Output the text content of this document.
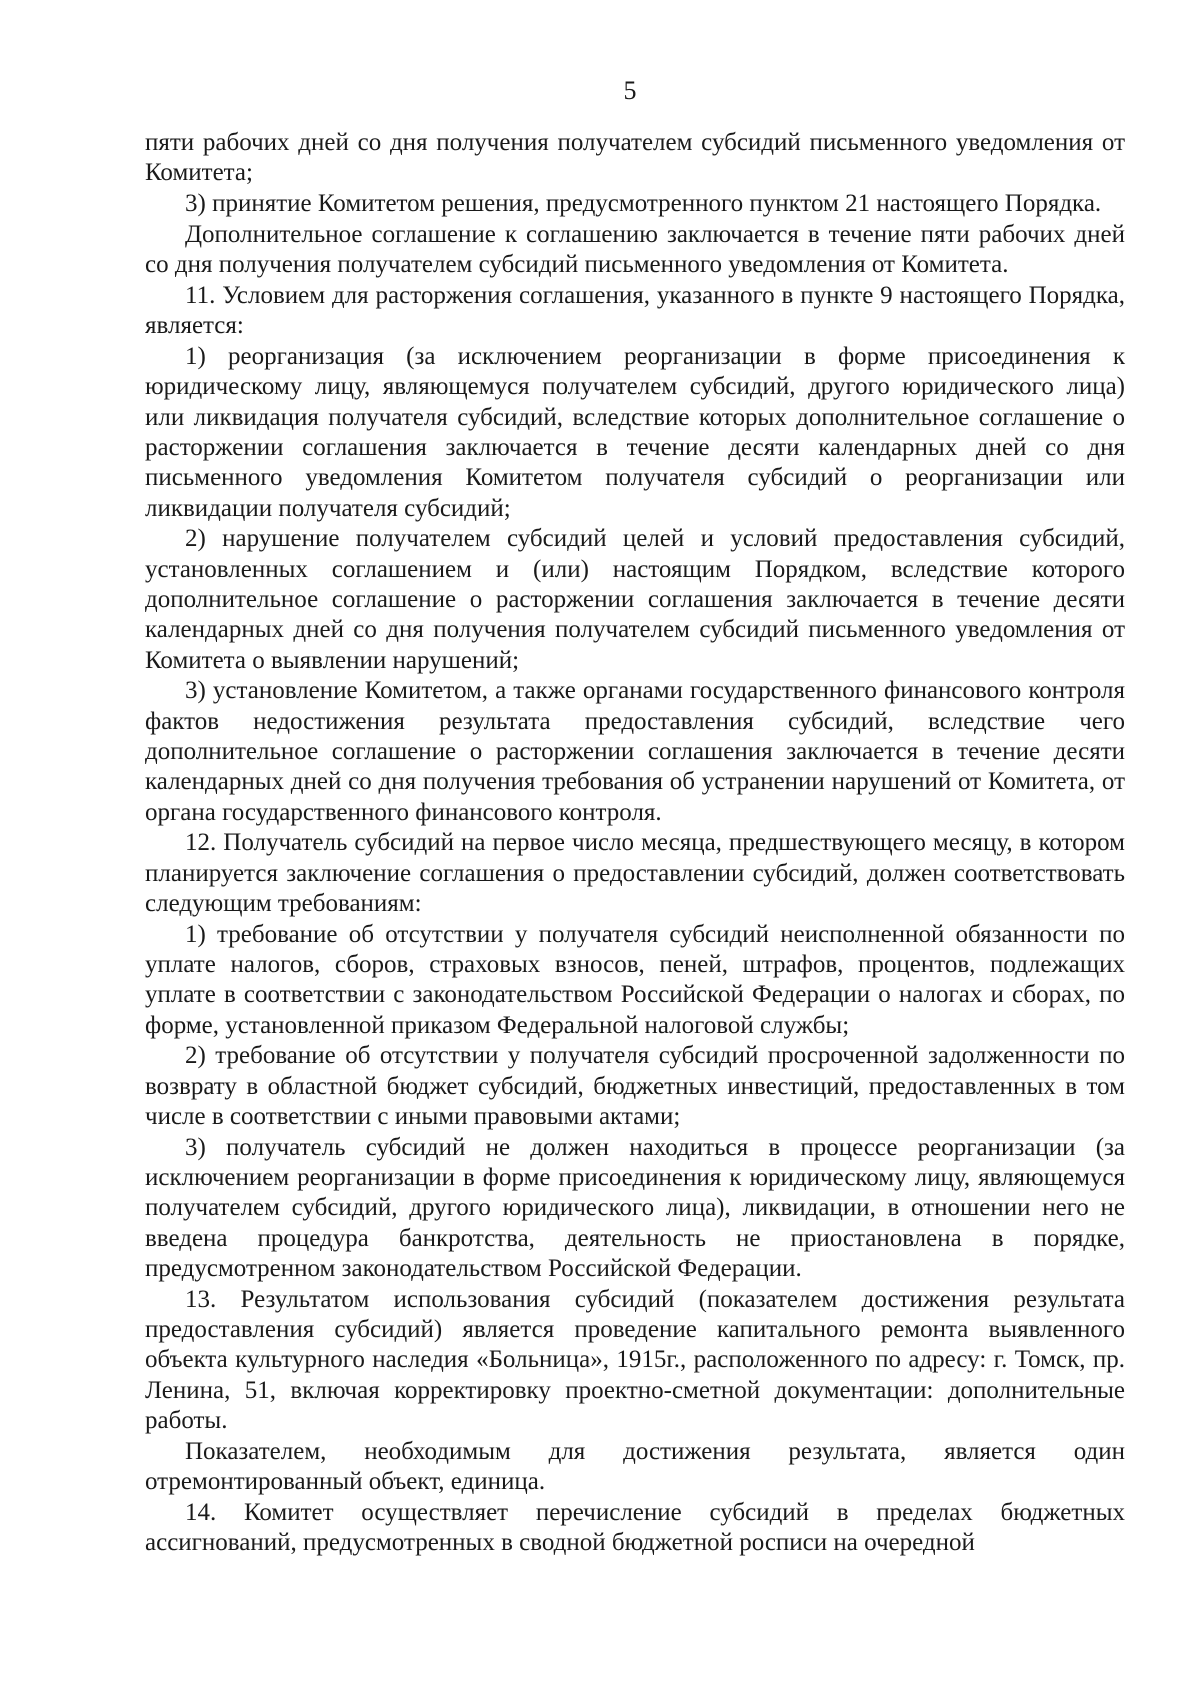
5

пяти рабочих дней со дня получения получателем субсидий письменного уведомления от Комитета;

3) принятие Комитетом решения, предусмотренного пунктом 21 настоящего Порядка.

Дополнительное соглашение к соглашению заключается в течение пяти рабочих дней со дня получения получателем субсидий письменного уведомления от Комитета.

11. Условием для расторжения соглашения, указанного в пункте 9 настоящего Порядка, является:

1) реорганизация (за исключением реорганизации в форме присоединения к юридическому лицу, являющемуся получателем субсидий, другого юридического лица) или ликвидация получателя субсидий, вследствие которых дополнительное соглашение о расторжении соглашения заключается в течение десяти календарных дней со дня письменного уведомления Комитетом получателя субсидий о реорганизации или ликвидации получателя субсидий;

2) нарушение получателем субсидий целей и условий предоставления субсидий, установленных соглашением и (или) настоящим Порядком, вследствие которого дополнительное соглашение о расторжении соглашения заключается в течение десяти календарных дней со дня получения получателем субсидий письменного уведомления от Комитета о выявлении нарушений;

3) установление Комитетом, а также органами государственного финансового контроля фактов недостижения результата предоставления субсидий, вследствие чего дополнительное соглашение о расторжении соглашения заключается в течение десяти календарных дней со дня получения требования об устранении нарушений от Комитета, от органа государственного финансового контроля.

12. Получатель субсидий на первое число месяца, предшествующего месяцу, в котором планируется заключение соглашения о предоставлении субсидий, должен соответствовать следующим требованиям:

1) требование об отсутствии у получателя субсидий неисполненной обязанности по уплате налогов, сборов, страховых взносов, пеней, штрафов, процентов, подлежащих уплате в соответствии с законодательством Российской Федерации о налогах и сборах, по форме, установленной приказом Федеральной налоговой службы;

2) требование об отсутствии у получателя субсидий просроченной задолженности по возврату в областной бюджет субсидий, бюджетных инвестиций, предоставленных в том числе в соответствии с иными правовыми актами;

3) получатель субсидий не должен находиться в процессе реорганизации (за исключением реорганизации в форме присоединения к юридическому лицу, являющемуся получателем субсидий, другого юридического лица), ликвидации, в отношении него не введена процедура банкротства, деятельность не приостановлена в порядке, предусмотренном законодательством Российской Федерации.

13. Результатом использования субсидий (показателем достижения результата предоставления субсидий) является проведение капитального ремонта выявленного объекта культурного наследия «Больница», 1915г., расположенного по адресу: г. Томск, пр. Ленина, 51, включая корректировку проектно-сметной документации: дополнительные работы.

Показателем, необходимым для достижения результата, является один отремонтированный объект, единица.

14. Комитет осуществляет перечисление субсидий в пределах бюджетных ассигнований, предусмотренных в сводной бюджетной росписи на очередной
